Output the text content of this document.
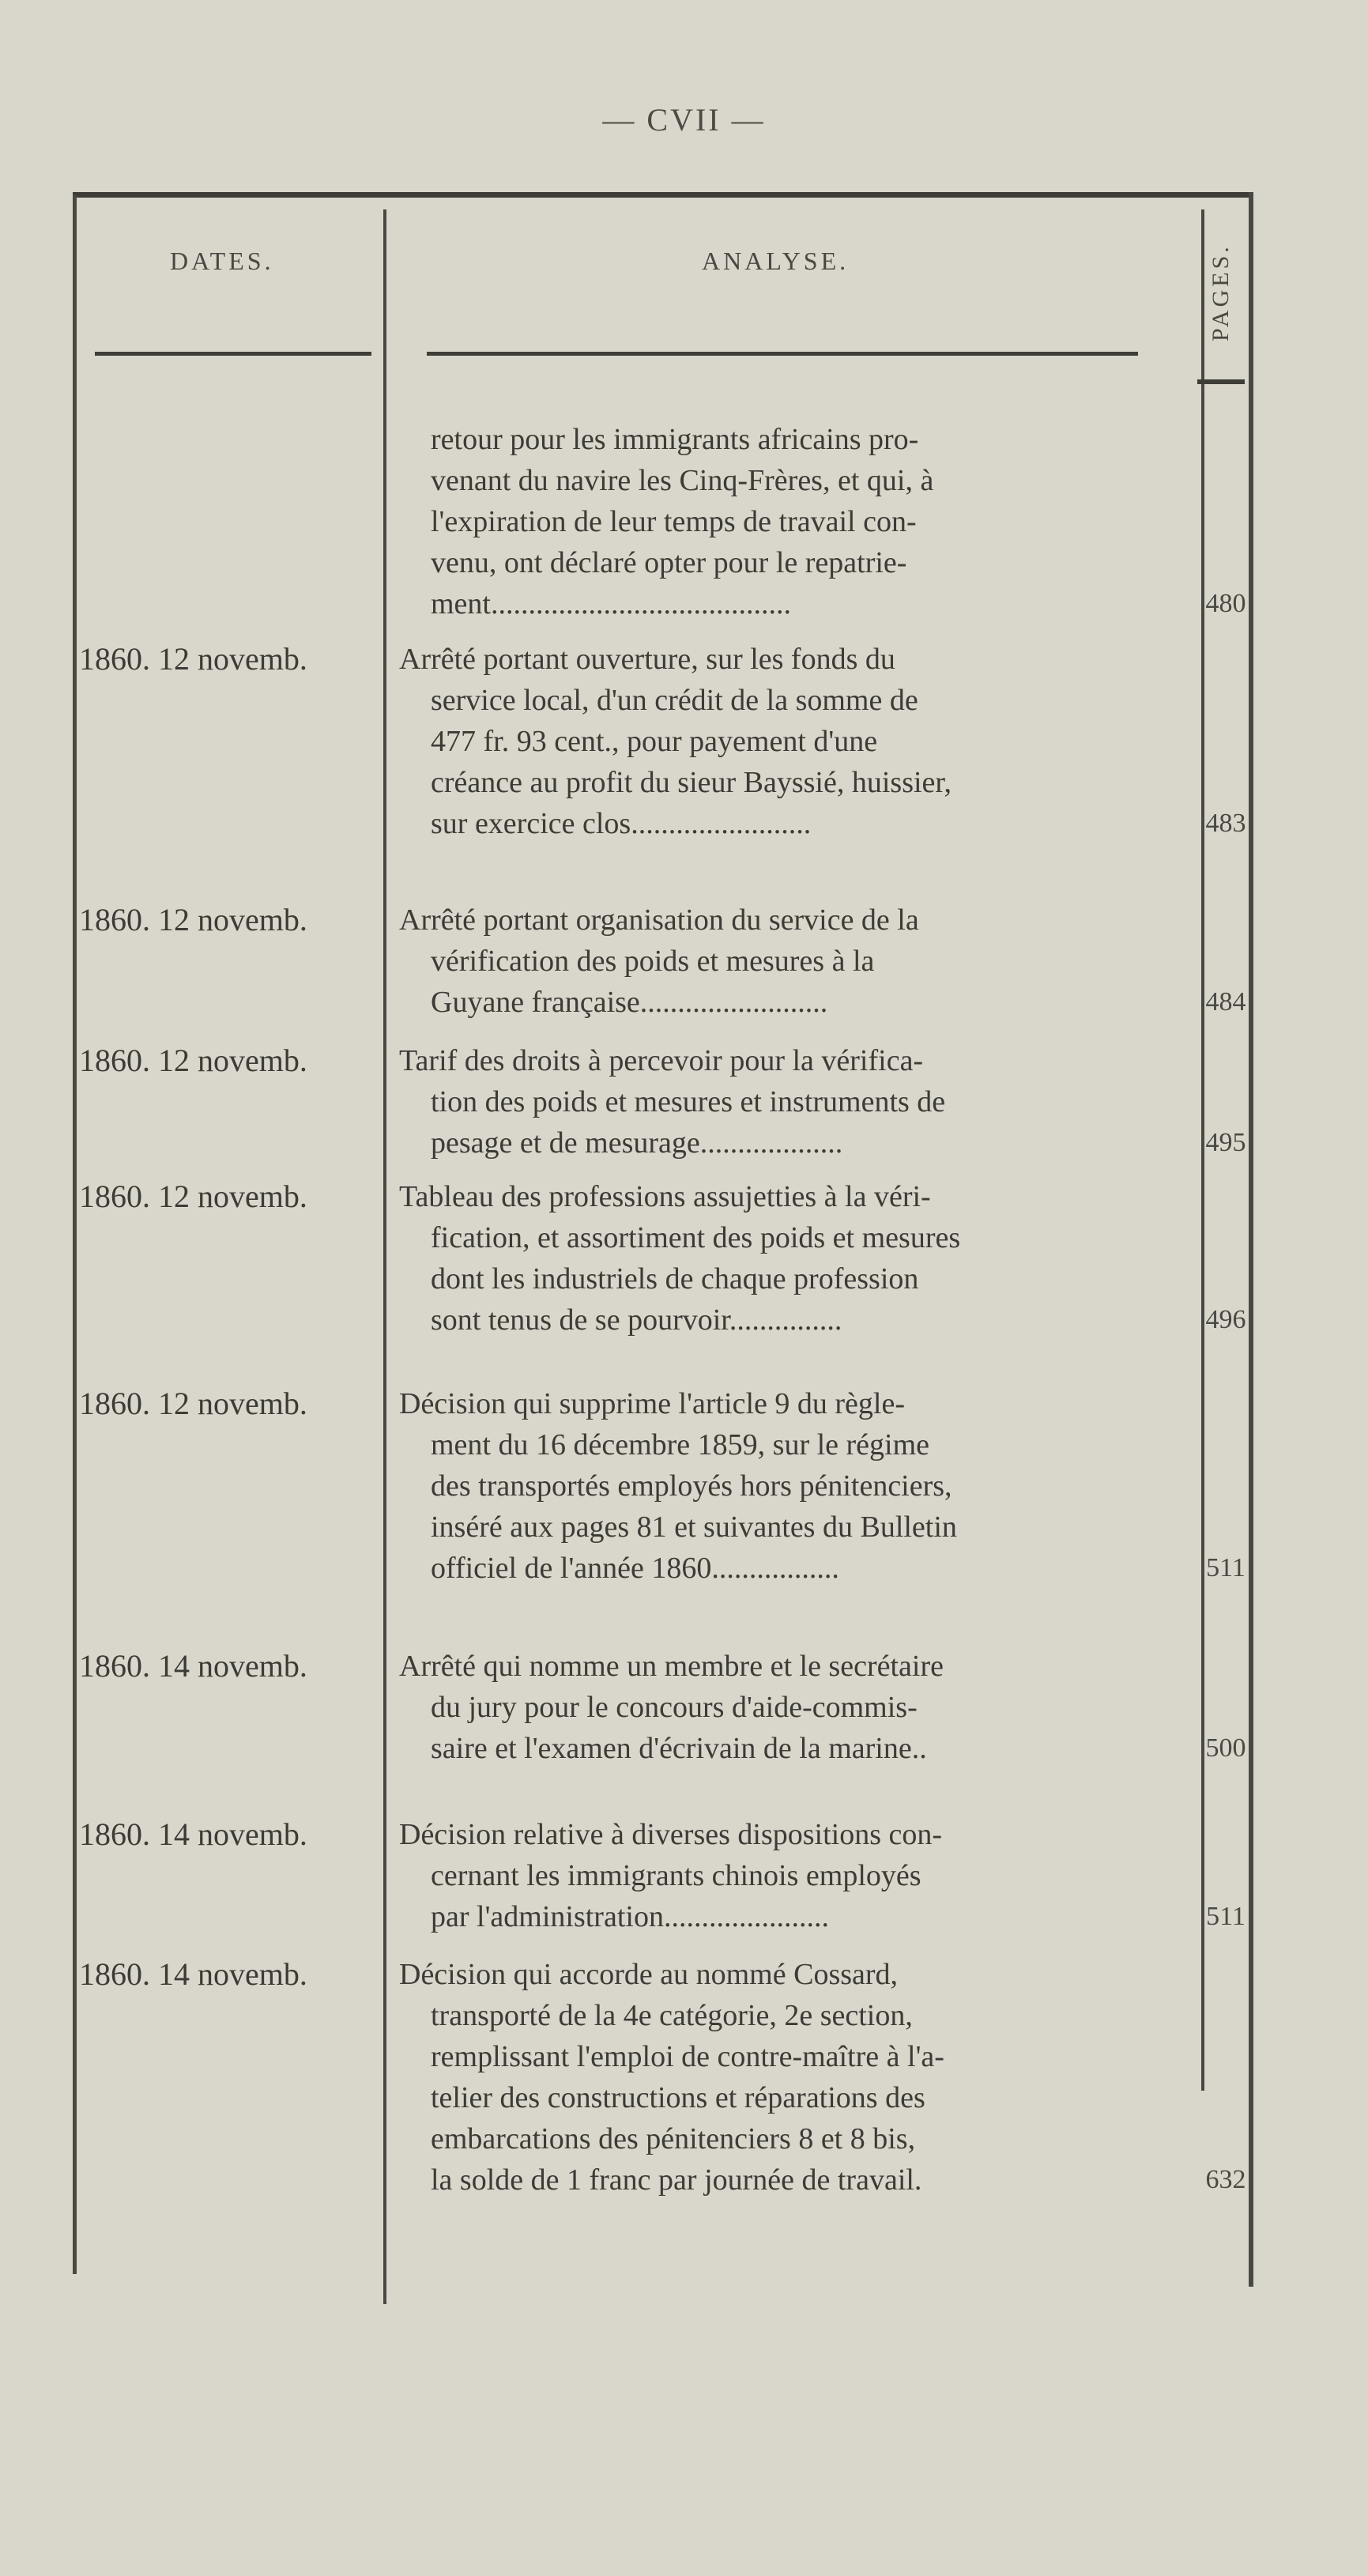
— CVII —
DATES.	ANALYSE.	PAGES.
retour pour les immigrants africains pro-
venant du navire les Cinq-Frères, et qui, à
l'expiration de leur temps de travail con-
venu, ont déclaré opter pour le repatrie-
ment........................................	480
1860. 12 novemb.	Arrêté portant ouverture, sur les fonds du
service local, d'un crédit de la somme de
477 fr. 93 cent., pour payement d'une
créance au profit du sieur Bayssié, huissier,
sur exercice clos........................	483
1860. 12 novemb.	Arrêté portant organisation du service de la
vérification des poids et mesures à la
Guyane française.........................	484
1860. 12 novemb.	Tarif des droits à percevoir pour la vérifica-
tion des poids et mesures et instruments de
pesage et de mesurage...................	495
1860. 12 novemb.	Tableau des professions assujetties à la véri-
fication, et assortiment des poids et mesures
dont les industriels de chaque profession
sont tenus de se pourvoir...............	496
1860. 12 novemb.	Décision qui supprime l'article 9 du règle-
ment du 16 décembre 1859, sur le régime
des transportés employés hors pénitenciers,
inséré aux pages 81 et suivantes du Bulletin
officiel de l'année 1860.................	511
1860. 14 novemb.	Arrêté qui nomme un membre et le secrétaire
du jury pour le concours d'aide-commis-
saire et l'examen d'écrivain de la marine..	500
1860. 14 novemb.	Décision relative à diverses dispositions con-
cernant les immigrants chinois employés
par l'administration......................	511
1860. 14 novemb.	Décision qui accorde au nommé Cossard,
transporté de la 4e catégorie, 2e section,
remplissant l'emploi de contre-maître à l'a-
telier des constructions et réparations des
embarcations des pénitenciers 8 et 8 bis,
la solde de 1 franc par journée de travail.	632
